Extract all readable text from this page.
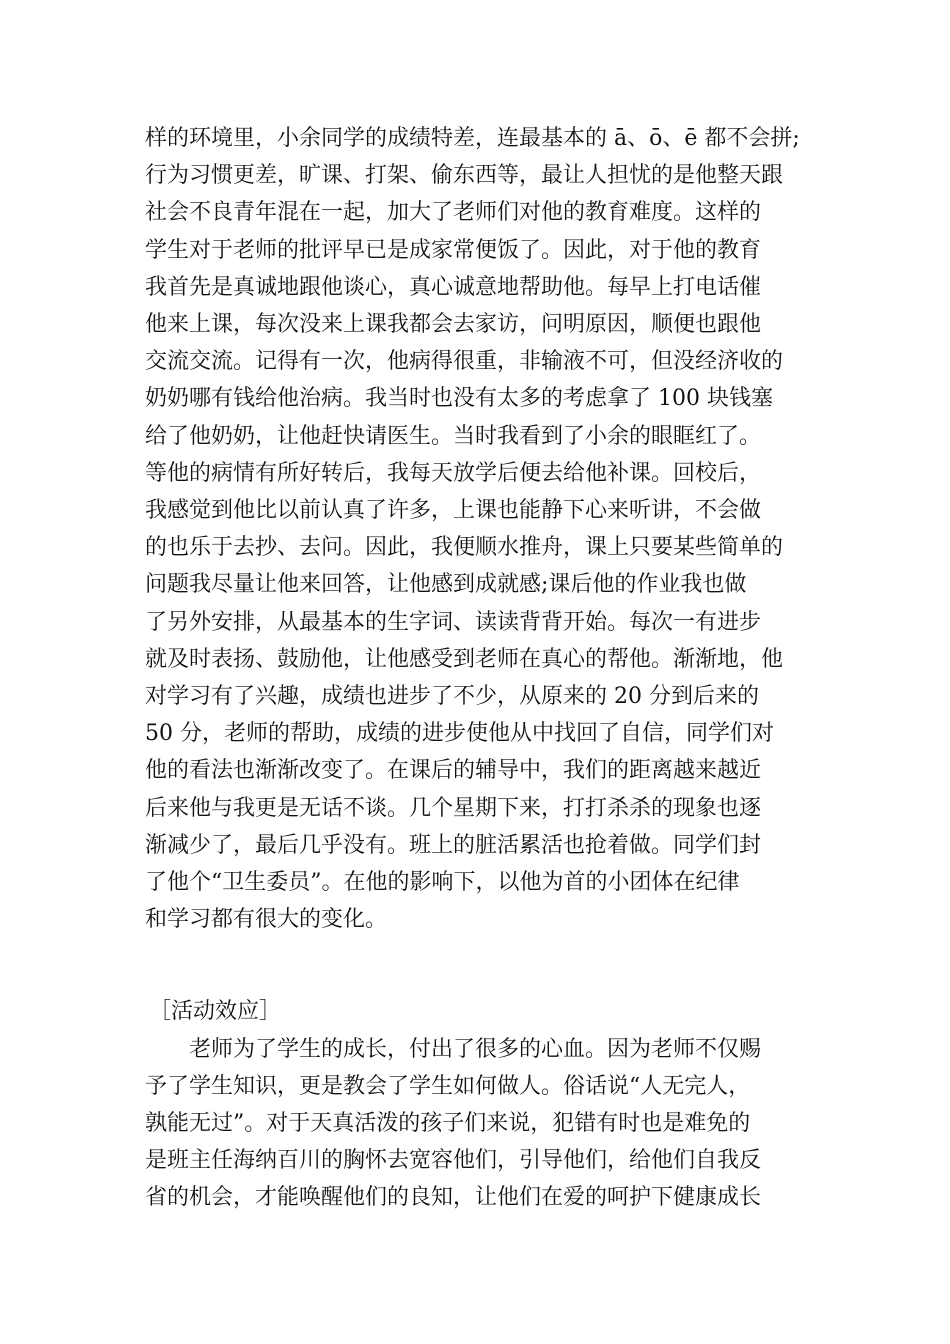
样的环境里，小余同学的成绩特差，连最基本的 ā、ō、ē 都不会拼;
行为习惯更差，旷课、打架、偷东西等，最让人担忧的是他整天跟
社会不良青年混在一起，加大了老师们对他的教育难度。这样的
学生对于老师的批评早已是成家常便饭了。因此，对于他的教育
我首先是真诚地跟他谈心，真心诚意地帮助他。每早上打电话催
他来上课，每次没来上课我都会去家访，问明原因，顺便也跟他
交流交流。记得有一次，他病得很重，非输液不可，但没经济收的
奶奶哪有钱给他治病。我当时也没有太多的考虑拿了 100 块钱塞
给了他奶奶，让他赶快请医生。当时我看到了小余的眼眶红了。
等他的病情有所好转后，我每天放学后便去给他补课。回校后，
我感觉到他比以前认真了许多，上课也能静下心来听讲，不会做
的也乐于去抄、去问。因此，我便顺水推舟，课上只要某些简单的
问题我尽量让他来回答，让他感到成就感;课后他的作业我也做
了另外安排，从最基本的生字词、读读背背开始。每次一有进步
就及时表扬、鼓励他，让他感受到老师在真心的帮他。渐渐地，他
对学习有了兴趣，成绩也进步了不少，从原来的 20 分到后来的
50 分，老师的帮助，成绩的进步使他从中找回了自信，同学们对
他的看法也渐渐改变了。在课后的辅导中，我们的距离越来越近
后来他与我更是无话不谈。几个星期下来，打打杀杀的现象也逐
渐减少了，最后几乎没有。班上的脏活累活也抢着做。同学们封
了他个“卫生委员”。在他的影响下，以他为首的小团体在纪律
和学习都有很大的变化。
［活动效应］
老师为了学生的成长，付出了很多的心血。因为老师不仅赐
予了学生知识，更是教会了学生如何做人。俗话说“人无完人，
孰能无过”。对于天真活泼的孩子们来说，犯错有时也是难免的
是班主任海纳百川的胸怀去宽容他们，引导他们，给他们自我反
省的机会，才能唤醒他们的良知，让他们在爱的呵护下健康成长
